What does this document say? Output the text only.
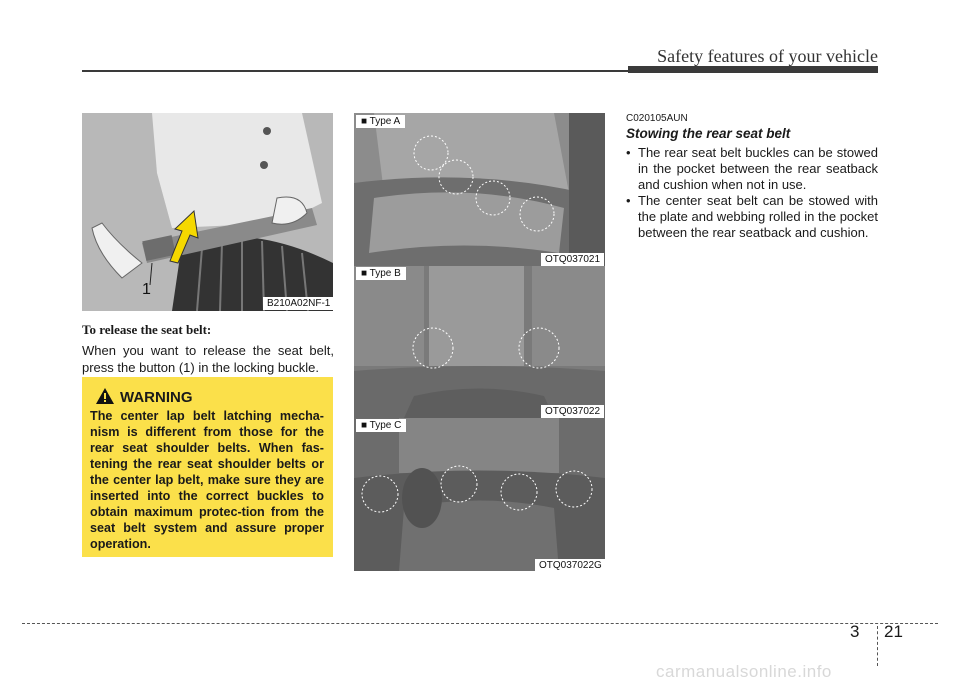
Safety features of your vehicle
1
B210A02NF-1
To release the seat belt:
When you want to release the seat belt, press the button (1) in the locking buckle.
WARNING
The center lap belt latching mecha-nism is different from those for the rear seat shoulder belts. When fas-tening the rear seat shoulder belts or the center lap belt, make sure they are inserted into the correct buckles to obtain maximum protec-tion from the seat belt system and assure proper operation.
■ Type A
OTQ037021
■ Type B
OTQ037022
■ Type C
OTQ037022G
C020105AUN
Stowing the rear seat belt
• The rear seat belt buckles can be stowed in the pocket between the rear seatback and cushion when not in use.
• The center seat belt can be stowed with the plate and webbing rolled in the pocket between the rear seatback and cushion.
3 21
carmanualsonline.info
